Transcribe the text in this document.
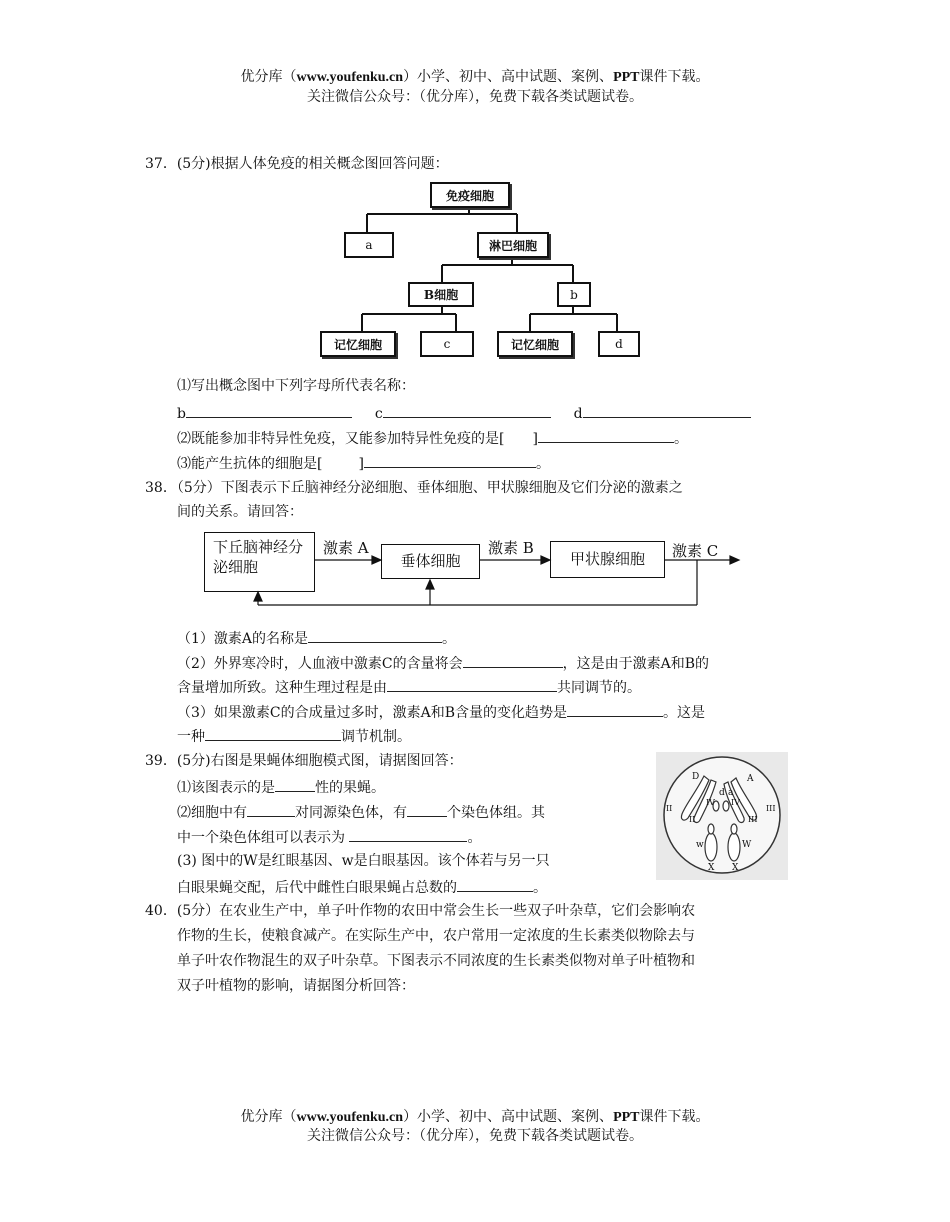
优分库（www.youfenku.cn）小学、初中、高中试题、案例、PPT课件下载。
关注微信公众号：（优分库），免费下载各类试题试卷。
37．(5分)根据人体免疫的相关概念图回答问题：
免疫细胞
a	淋巴细胞
B细胞	b
记忆细胞	c	记忆细胞	d
⑴写出概念图中下列字母所代表名称：
b	c	d
⑵既能参加非特异性免疫，又能参加特异性免疫的是[ ]	。
⑶能产生抗体的细胞是[	]	。
38．（5分）下图表示下丘脑神经分泌细胞、垂体细胞、甲状腺细胞及它们分泌的激素之
间的关系。请回答：
下丘脑神经分泌细胞	垂体细胞	甲状腺细胞
激素 A	激素 B	激素 C
（1）激素A的名称是	。
（2）外界寒冷时，人血液中激素C的含量将会	，这是由于激素A和B的
含量增加所致。这种生理过程是由	共同调节的。
（3）如果激素C的合成量过多时，激素A和B含量的变化趋势是	。这是
一种	调节机制。
39．(5分)右图是果蝇体细胞模式图，请据图回答：
⑴该图表示的是	性的果蝇。
⑵细胞中有	对同源染色体，有	个染色体组。其
中一个染色体组可以表示为	。
(3) 图中的W是红眼基因、w是白眼基因。该个体若与另一只
白眼果蝇交配，后代中雌性白眼果蝇占总数的	。
D
d
A
a
II
II	III
III
IV IV
w	W
X X
40．(5分）在农业生产中，单子叶作物的农田中常会生长一些双子叶杂草，它们会影响农
作物的生长，使粮食减产。在实际生产中，农户常用一定浓度的生长素类似物除去与
单子叶农作物混生的双子叶杂草。下图表示不同浓度的生长素类似物对单子叶植物和
双子叶植物的影响，请据图分析回答：
优分库（www.youfenku.cn）小学、初中、高中试题、案例、PPT课件下载。
关注微信公众号：（优分库），免费下载各类试题试卷。
